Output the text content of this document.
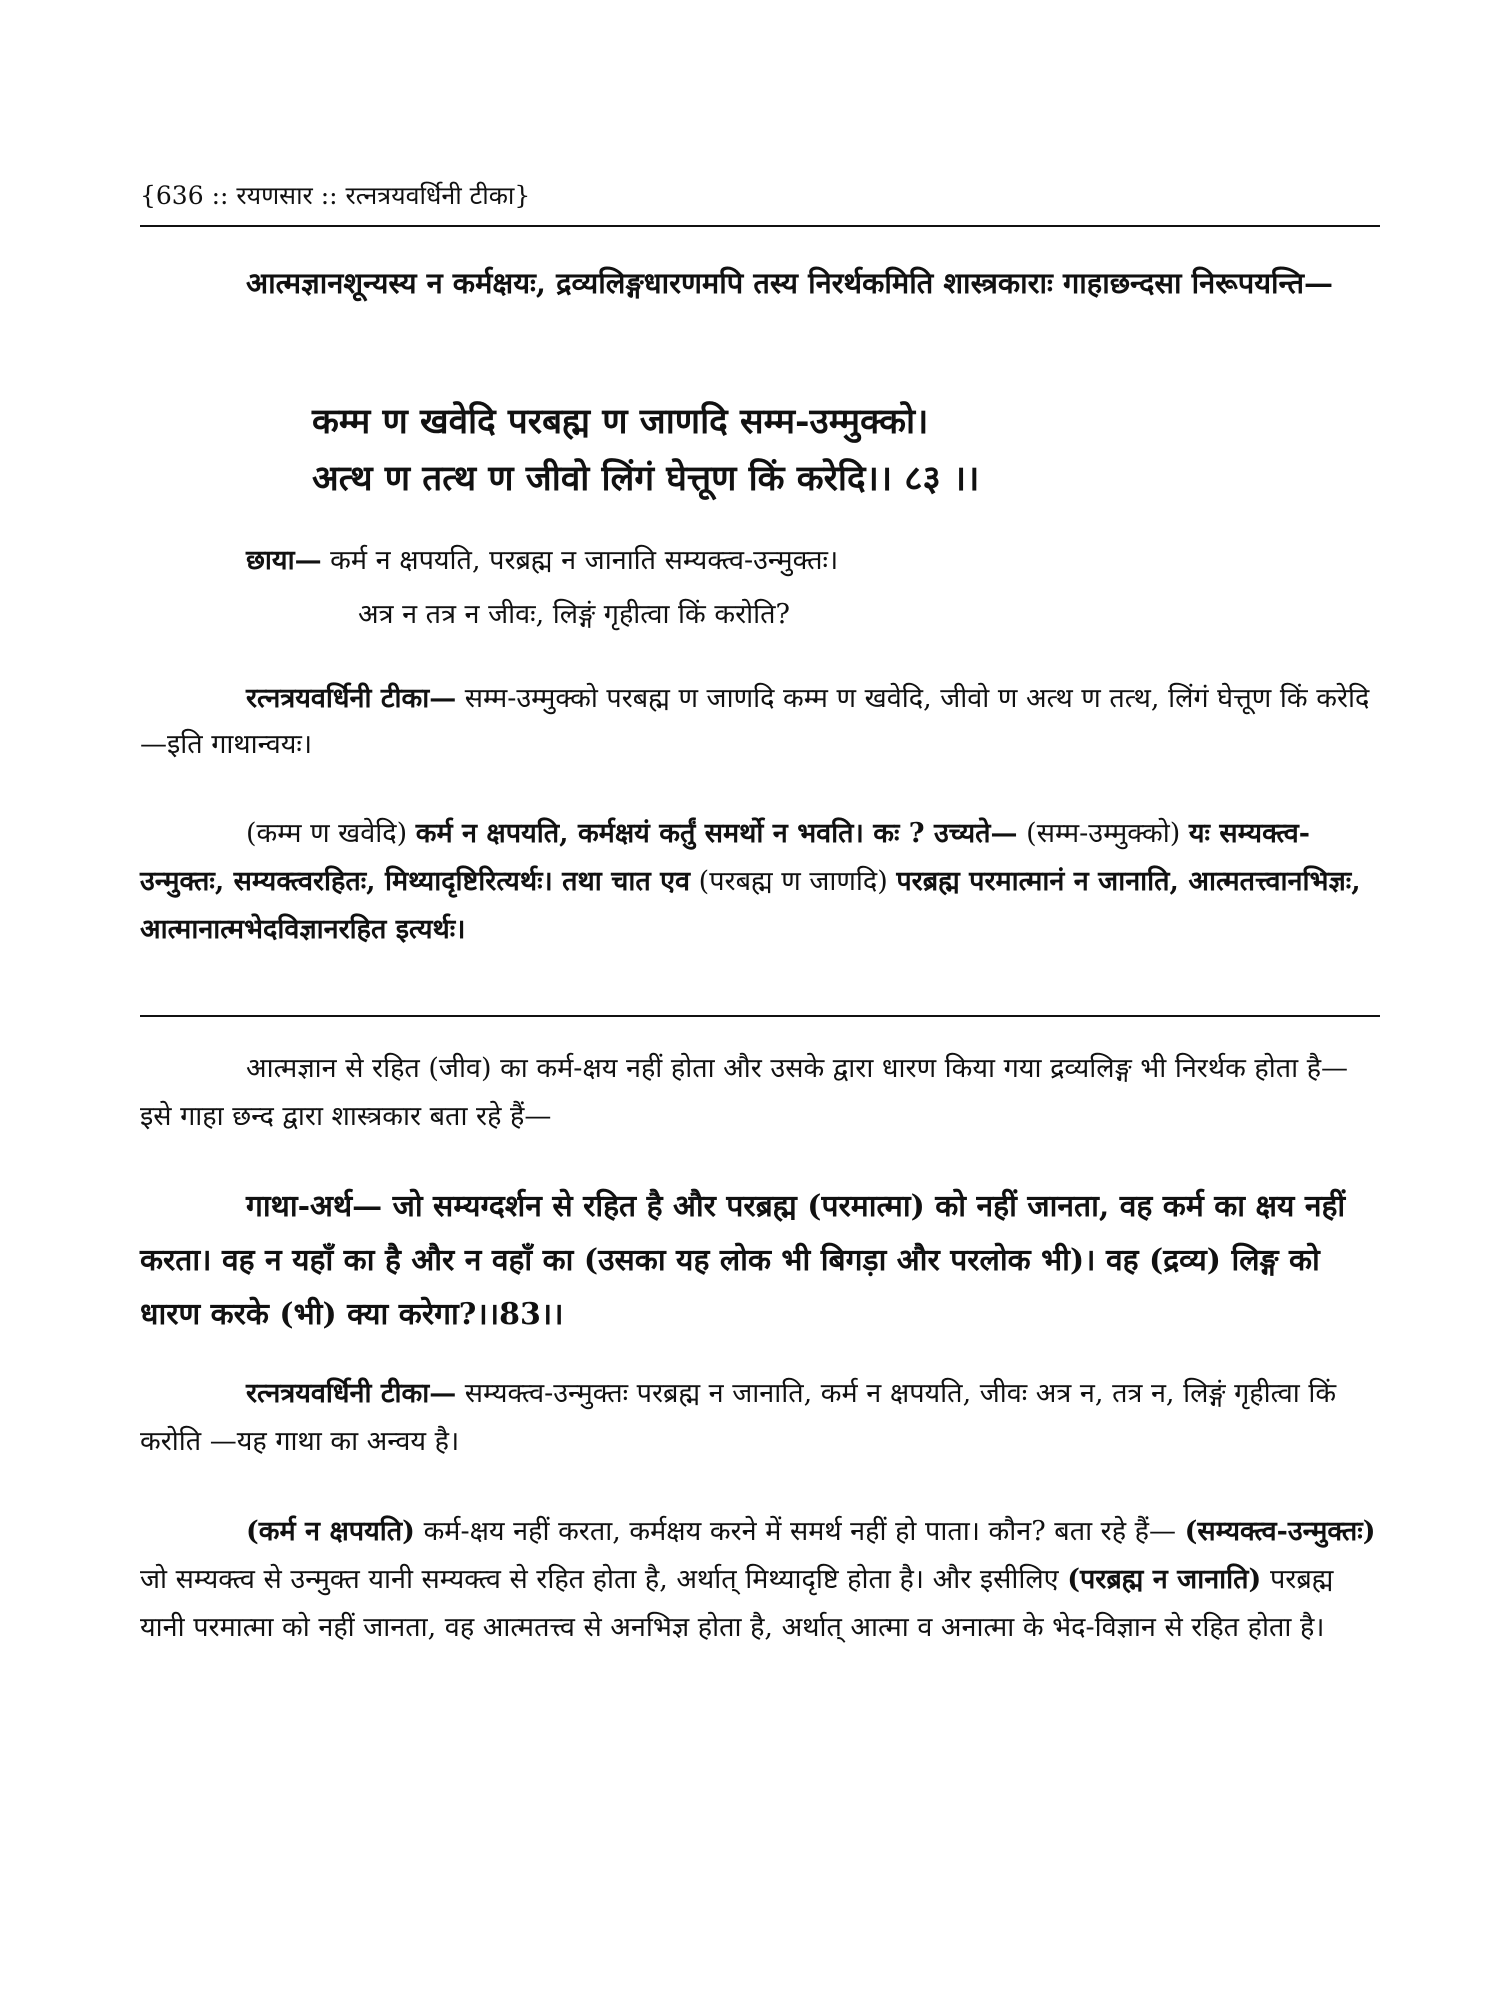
{636 :: रयणसार :: रत्नत्रयवर्धिनी टीका}

आत्मज्ञानशून्यस्य न कर्मक्षयः, द्रव्यलिङ्गधारणमपि तस्य निरर्थकमिति शास्त्रकाराः गाहाछन्दसा निरूपयन्ति—

कम्म ण खवेदि परबह्म ण जाणदि सम्म-उम्मुक्को।
अत्थ ण तत्थ ण जीवो लिंगं घेत्तूण किं करेदि।। ८३ ।।
छाया— कर्म न क्षपयति, परब्रह्म न जानाति सम्यक्त्व-उन्मुक्तः।
अत्र न तत्र न जीवः, लिङ्गं गृहीत्वा किं करोति?

रत्नत्रयवर्धिनी टीका— सम्म-उम्मुक्को परबह्म ण जाणदि कम्म ण खवेदि, जीवो ण अत्थ ण तत्थ, लिंगं घेत्तूण किं करेदि —इति गाथान्वयः।

(कम्म ण खवेदि) कर्म न क्षपयति, कर्मक्षयं कर्तुं समर्थो न भवति। कः ? उच्यते— (सम्म-उम्मुक्को) यः सम्यक्त्व-उन्मुक्तः, सम्यक्त्वरहितः, मिथ्यादृष्टिरित्यर्थः। तथा चात एव (परबह्म ण जाणदि) परब्रह्म परमात्मानं न जानाति, आत्मतत्त्वानभिज्ञः, आत्मानात्मभेदविज्ञानरहित इत्यर्थः।

आत्मज्ञान से रहित (जीव) का कर्म-क्षय नहीं होता और उसके द्वारा धारण किया गया द्रव्यलिङ्ग भी निरर्थक होता है— इसे गाहा छन्द द्वारा शास्त्रकार बता रहे हैं—

गाथा-अर्थ— जो सम्यग्दर्शन से रहित है और परब्रह्म (परमात्मा) को नहीं जानता, वह कर्म का क्षय नहीं करता। वह न यहाँ का है और न वहाँ का (उसका यह लोक भी बिगड़ा और परलोक भी)। वह (द्रव्य) लिङ्ग को धारण करके (भी) क्या करेगा?।।83।।

रत्नत्रयवर्धिनी टीका— सम्यक्त्व-उन्मुक्तः परब्रह्म न जानाति, कर्म न क्षपयति, जीवः अत्र न, तत्र न, लिङ्गं गृहीत्वा किं करोति —यह गाथा का अन्वय है।

(कर्म न क्षपयति) कर्म-क्षय नहीं करता, कर्मक्षय करने में समर्थ नहीं हो पाता। कौन? बता रहे हैं— (सम्यक्त्व-उन्मुक्तः) जो सम्यक्त्व से उन्मुक्त यानी सम्यक्त्व से रहित होता है, अर्थात् मिथ्यादृष्टि होता है। और इसीलिए (परब्रह्म न जानाति) परब्रह्म यानी परमात्मा को नहीं जानता, वह आत्मतत्त्व से अनभिज्ञ होता है, अर्थात् आत्मा व अनात्मा के भेद-विज्ञान से रहित होता है।
